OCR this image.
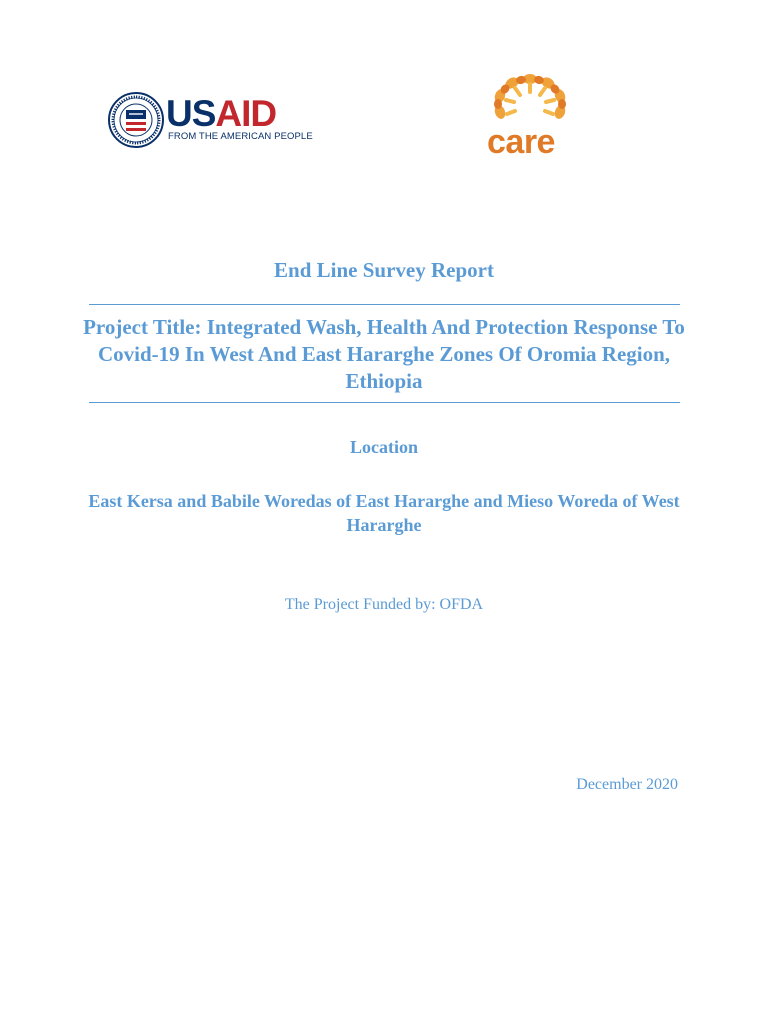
USAID
FROM THE AMERICAN PEOPLE	care
End Line Survey Report
Project Title: Integrated Wash, Health And Protection Response To Covid-19 In West And East Hararghe Zones Of Oromia Region, Ethiopia
Location
East Kersa and Babile Woredas of East Hararghe and Mieso Woreda of West Hararghe
The Project Funded by: OFDA
December 2020
